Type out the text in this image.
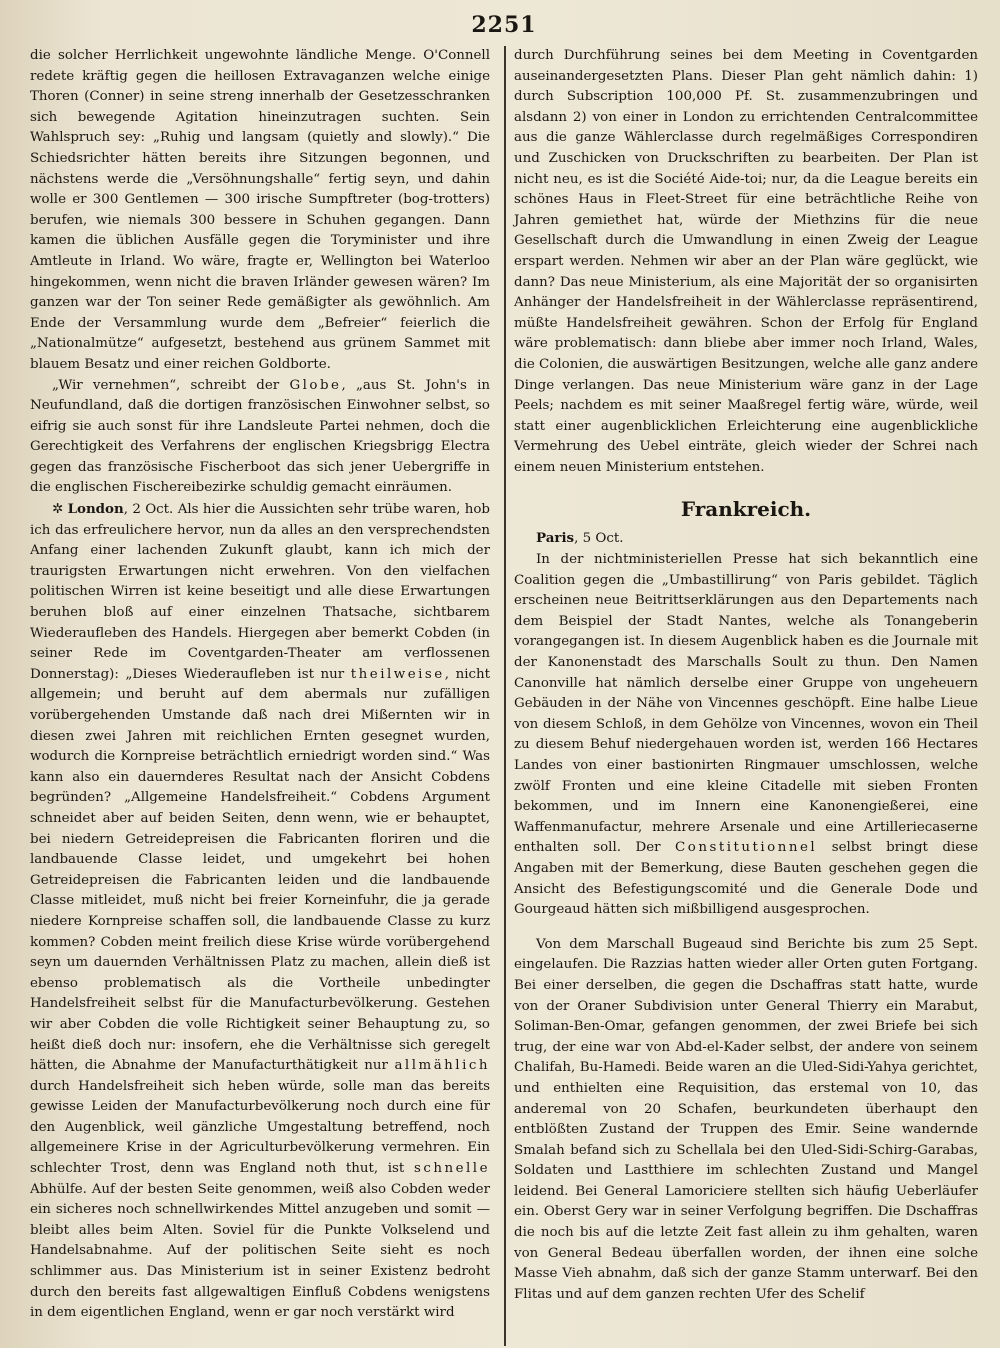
2251

die solcher Herrlichkeit ungewohnte ländliche Menge. O'Connell redete kräftig gegen die heillosen Extravaganzen welche einige Thoren (Conner) in seine streng innerhalb der Gesetzesschranken sich bewegende Agitation hineinzutragen suchten. Sein Wahlspruch sey: „Ruhig und langsam (quietly and slowly).“ Die Schiedsrichter hätten bereits ihre Sitzungen begonnen, und nächstens werde die „Versöhnungshalle“ fertig seyn, und dahin wolle er 300 Gentlemen — 300 irische Sumpftreter (bog-trotters) berufen, wie niemals 300 bessere in Schuhen gegangen. Dann kamen die üblichen Ausfälle gegen die Toryminister und ihre Amtleute in Irland. Wo wäre, fragte er, Wellington bei Waterloo hingekommen, wenn nicht die braven Irländer gewesen wären? Im ganzen war der Ton seiner Rede gemäßigter als gewöhnlich. Am Ende der Versammlung wurde dem „Befreier“ feierlich die „Nationalmütze“ aufgesetzt, bestehend aus grünem Sammet mit blauem Besatz und einer reichen Goldborte.

„Wir vernehmen“, schreibt der Globe, „aus St. John's in Neufundland, daß die dortigen französischen Einwohner selbst, so eifrig sie auch sonst für ihre Landsleute Partei nehmen, doch die Gerechtigkeit des Verfahrens der englischen Kriegsbrigg Electra gegen das französische Fischerboot das sich jener Uebergriffe in die englischen Fischereibezirke schuldig gemacht einräumen.

✲ London, 2 Oct. Als hier die Aussichten sehr trübe waren, hob ich das erfreulichere hervor, nun da alles an den versprechendsten Anfang einer lachenden Zukunft glaubt, kann ich mich der traurigsten Erwartungen nicht erwehren. Von den vielfachen politischen Wirren ist keine beseitigt und alle diese Erwartungen beruhen bloß auf einer einzelnen Thatsache, sichtbarem Wiederaufleben des Handels. Hiergegen aber bemerkt Cobden (in seiner Rede im Coventgarden-Theater am verflossenen Donnerstag): „Dieses Wiederaufleben ist nur theilweise, nicht allgemein; und beruht auf dem abermals nur zufälligen vorübergehenden Umstande daß nach drei Mißernten wir in diesen zwei Jahren mit reichlichen Ernten gesegnet wurden, wodurch die Kornpreise beträchtlich erniedrigt worden sind.“ Was kann also ein dauernderes Resultat nach der Ansicht Cobdens begründen? „Allgemeine Handelsfreiheit.“ Cobdens Argument schneidet aber auf beiden Seiten, denn wenn, wie er behauptet, bei niedern Getreidepreisen die Fabricanten floriren und die landbauende Classe leidet, und umgekehrt bei hohen Getreidepreisen die Fabricanten leiden und die landbauende Classe mitleidet, muß nicht bei freier Korneinfuhr, die ja gerade niedere Kornpreise schaffen soll, die landbauende Classe zu kurz kommen? Cobden meint freilich diese Krise würde vorübergehend seyn um dauernden Verhältnissen Platz zu machen, allein dieß ist ebenso problematisch als die Vortheile unbedingter Handelsfreiheit selbst für die Manufacturbevölkerung. Gestehen wir aber Cobden die volle Richtigkeit seiner Behauptung zu, so heißt dieß doch nur: insofern, ehe die Verhältnisse sich geregelt hätten, die Abnahme der Manufacturthätigkeit nur allmählich durch Handelsfreiheit sich heben würde, solle man das bereits gewisse Leiden der Manufacturbevölkerung noch durch eine für den Augenblick, weil gänzliche Umgestaltung betreffend, noch allgemeinere Krise in der Agriculturbevölkerung vermehren. Ein schlechter Trost, denn was England noth thut, ist schnelle Abhülfe. Auf der besten Seite genommen, weiß also Cobden weder ein sicheres noch schnellwirkendes Mittel anzugeben und somit — bleibt alles beim Alten. Soviel für die Punkte Volkselend und Handelsabnahme. Auf der politischen Seite sieht es noch schlimmer aus. Das Ministerium ist in seiner Existenz bedroht durch den bereits fast allgewaltigen Einfluß Cobdens wenigstens in dem eigentlichen England, wenn er gar noch verstärkt wird

durch Durchführung seines bei dem Meeting in Coventgarden auseinandergesetzten Plans. Dieser Plan geht nämlich dahin: 1) durch Subscription 100,000 Pf. St. zusammenzubringen und alsdann 2) von einer in London zu errichtenden Centralcommittee aus die ganze Wählerclasse durch regelmäßiges Correspondiren und Zuschicken von Druckschriften zu bearbeiten. Der Plan ist nicht neu, es ist die Société Aide-toi; nur, da die League bereits ein schönes Haus in Fleet-Street für eine beträchtliche Reihe von Jahren gemiethet hat, würde der Miethzins für die neue Gesellschaft durch die Umwandlung in einen Zweig der League erspart werden. Nehmen wir aber an der Plan wäre geglückt, wie dann? Das neue Ministerium, als eine Majorität der so organisirten Anhänger der Handelsfreiheit in der Wählerclasse repräsentirend, müßte Handelsfreiheit gewähren. Schon der Erfolg für England wäre problematisch: dann bliebe aber immer noch Irland, Wales, die Colonien, die auswärtigen Besitzungen, welche alle ganz andere Dinge verlangen. Das neue Ministerium wäre ganz in der Lage Peels; nachdem es mit seiner Maaßregel fertig wäre, würde, weil statt einer augenblicklichen Erleichterung eine augenblickliche Vermehrung des Uebel einträte, gleich wieder der Schrei nach einem neuen Ministerium entstehen.

Frankreich.

Paris, 5 Oct.

In der nichtministeriellen Presse hat sich bekanntlich eine Coalition gegen die „Umbastillirung“ von Paris gebildet. Täglich erscheinen neue Beitrittserklärungen aus den Departements nach dem Beispiel der Stadt Nantes, welche als Tonangeberin vorangegangen ist. In diesem Augenblick haben es die Journale mit der Kanonenstadt des Marschalls Soult zu thun. Den Namen Canonville hat nämlich derselbe einer Gruppe von ungeheuern Gebäuden in der Nähe von Vincennes geschöpft. Eine halbe Lieue von diesem Schloß, in dem Gehölze von Vincennes, wovon ein Theil zu diesem Behuf niedergehauen worden ist, werden 166 Hectares Landes von einer bastionirten Ringmauer umschlossen, welche zwölf Fronten und eine kleine Citadelle mit sieben Fronten bekommen, und im Innern eine Kanonengießerei, eine Waffenmanufactur, mehrere Arsenale und eine Artilleriecaserne enthalten soll. Der Constitutionnel selbst bringt diese Angaben mit der Bemerkung, diese Bauten geschehen gegen die Ansicht des Befestigungscomité und die Generale Dode und Gourgeaud hätten sich mißbilligend ausgesprochen.

Von dem Marschall Bugeaud sind Berichte bis zum 25 Sept. eingelaufen. Die Razzias hatten wieder aller Orten guten Fortgang. Bei einer derselben, die gegen die Dschaffras statt hatte, wurde von der Oraner Subdivision unter General Thierry ein Marabut, Soliman-Ben-Omar, gefangen genommen, der zwei Briefe bei sich trug, der eine war von Abd-el-Kader selbst, der andere von seinem Chalifah, Bu-Hamedi. Beide waren an die Uled-Sidi-Yahya gerichtet, und enthielten eine Requisition, das erstemal von 10, das anderemal von 20 Schafen, beurkundeten überhaupt den entblößten Zustand der Truppen des Emir. Seine wandernde Smalah befand sich zu Schellala bei den Uled-Sidi-Schirg-Garabas, Soldaten und Lastthiere im schlechten Zustand und Mangel leidend. Bei General Lamoriciere stellten sich häufig Ueberläufer ein. Oberst Gery war in seiner Verfolgung begriffen. Die Dschaffras die noch bis auf die letzte Zeit fast allein zu ihm gehalten, waren von General Bedeau überfallen worden, der ihnen eine solche Masse Vieh abnahm, daß sich der ganze Stamm unterwarf. Bei den Flitas und auf dem ganzen rechten Ufer des Schelif
